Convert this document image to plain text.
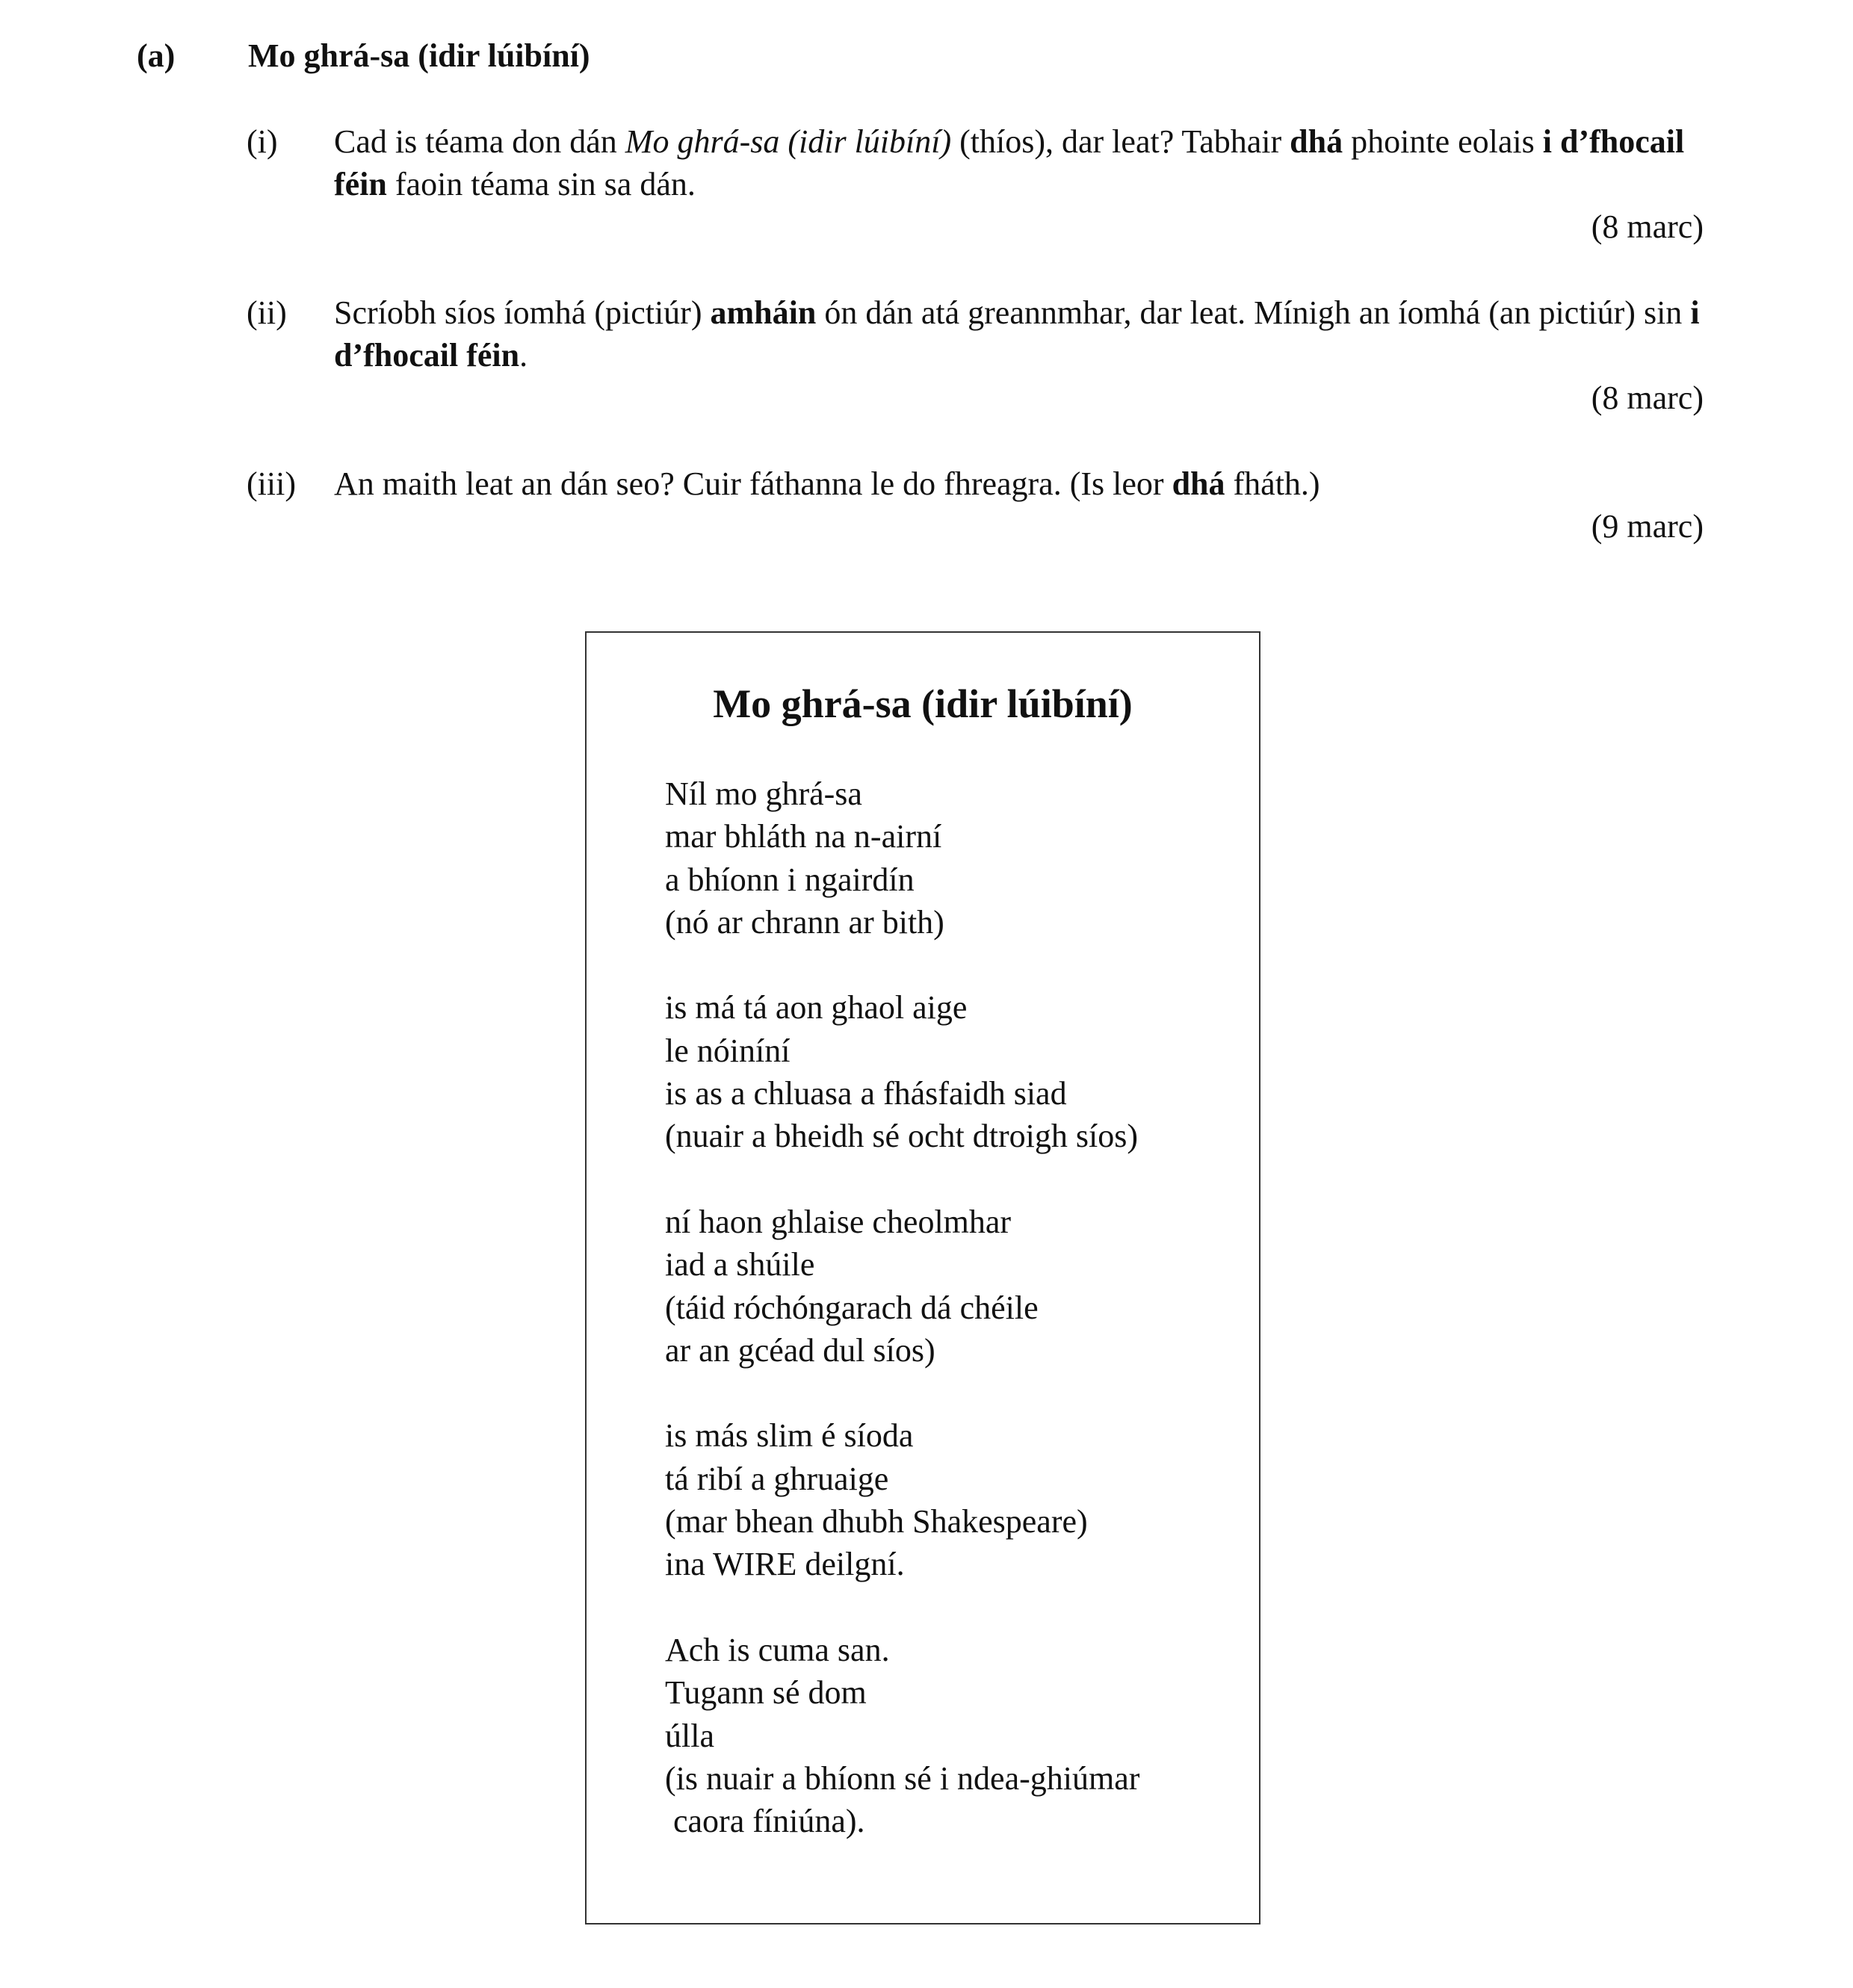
(a) Mo ghrá-sa (idir lúibíní)
(i) Cad is téama don dán Mo ghrá-sa (idir lúibíní) (thíos), dar leat? Tabhair dhá phointe eolais i d’fhocail féin faoin téama sin sa dán.
(8 marc)
(ii) Scríobh síos íomhá (pictiúr) amháin ón dán atá greannmhar, dar leat. Mínigh an íomhá (an pictiúr) sin i d’fhocail féin.
(8 marc)
(iii) An maith leat an dán seo? Cuir fáthanna le do fhreagra. (Is leor dhá fháth.)
(9 marc)
Mo ghrá-sa (idir lúibíní)
Níl mo ghrá-sa
mar bhláth na n-airní
a bhíonn i ngairdín
(nó ar chrann ar bith)
is má tá aon ghaol aige
le nóiníní
is as a chluasa a fhásfaidh siad
(nuair a bheidh sé ocht dtroigh síos)
ní haon ghlaise cheolmhar
iad a shúile
(táid róchóngarach dá chéile
ar an gcéad dul síos)
is más slim é síoda
tá ribí a ghruaige
(mar bhean dhubh Shakespeare)
ina WIRE deilgní.
Ach is cuma san.
Tugann sé dom
úlla
(is nuair a bhíonn sé i ndea-ghiúmar
caora fíniúna).
